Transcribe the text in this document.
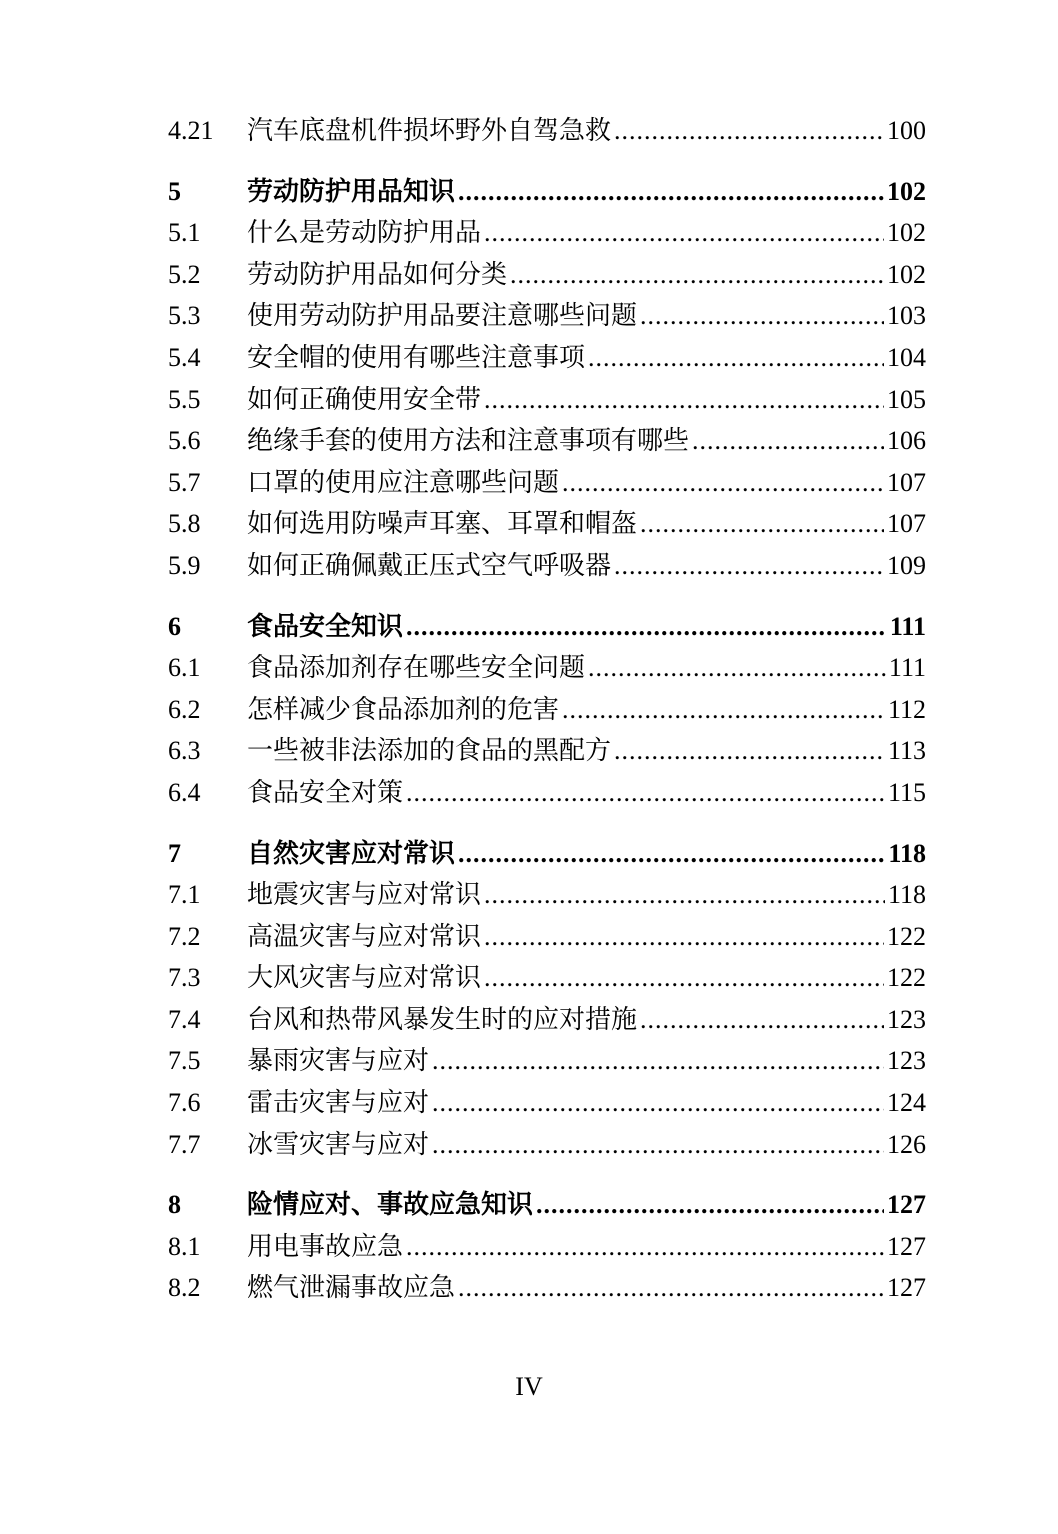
4.21	汽车底盘机件损坏野外自驾急救 .....	100
5	劳动防护用品知识 .....	102
5.1	什么是劳动防护用品 .....	102
5.2	劳动防护用品如何分类 .....	102
5.3	使用劳动防护用品要注意哪些问题 .....	103
5.4	安全帽的使用有哪些注意事项 .....	104
5.5	如何正确使用安全带 .....	105
5.6	绝缘手套的使用方法和注意事项有哪些 .....	106
5.7	口罩的使用应注意哪些问题 .....	107
5.8	如何选用防噪声耳塞、耳罩和帽盔 .....	107
5.9	如何正确佩戴正压式空气呼吸器 .....	109
6	食品安全知识 .....	111
6.1	食品添加剂存在哪些安全问题 .....	111
6.2	怎样减少食品添加剂的危害 .....	112
6.3	一些被非法添加的食品的黑配方 .....	113
6.4	食品安全对策 .....	115
7	自然灾害应对常识 .....	118
7.1	地震灾害与应对常识 .....	118
7.2	高温灾害与应对常识 .....	122
7.3	大风灾害与应对常识 .....	122
7.4	台风和热带风暴发生时的应对措施 .....	123
7.5	暴雨灾害与应对 .....	123
7.6	雷击灾害与应对 .....	124
7.7	冰雪灾害与应对 .....	126
8	险情应对、事故应急知识 .....	127
8.1	用电事故应急 .....	127
8.2	燃气泄漏事故应急 .....	127
IV
